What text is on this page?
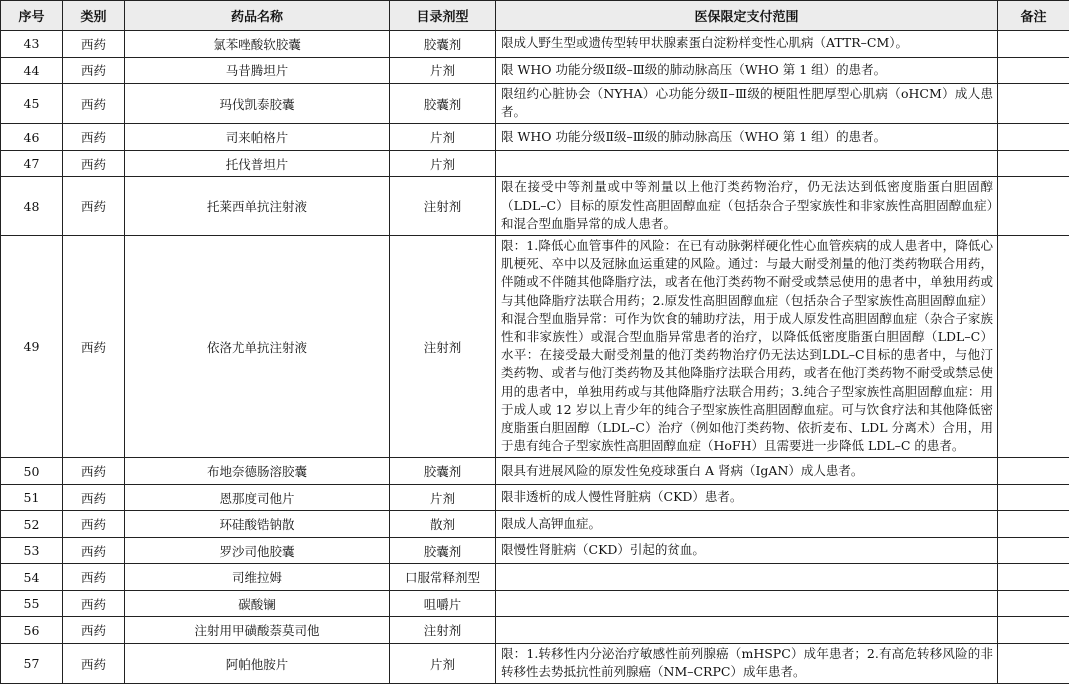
序号	类别	药品名称	目录剂型	医保限定支付范围	备注
43	西药	氯苯唑酸软胶囊	胶囊剂	限成人野生型或遗传型转甲状腺素蛋白淀粉样变性心肌病（ATTR–CM）。	
44	西药	马昔腾坦片	片剂	限 WHO 功能分级Ⅱ级–Ⅲ级的肺动脉高压（WHO 第 1 组）的患者。	
45	西药	玛伐凯泰胶囊	胶囊剂	限纽约心脏协会（NYHA）心功能分级Ⅱ–Ⅲ级的梗阻性肥厚型心肌病（oHCM）成人患者。	
46	西药	司来帕格片	片剂	限 WHO 功能分级Ⅱ级–Ⅲ级的肺动脉高压（WHO 第 1 组）的患者。	
47	西药	托伐普坦片	片剂		
48	西药	托莱西单抗注射液	注射剂	限在接受中等剂量或中等剂量以上他汀类药物治疗，仍无法达到低密度脂蛋白胆固醇（LDL–C）目标的原发性高胆固醇血症（包括杂合子型家族性和非家族性高胆固醇血症）和混合型血脂异常的成人患者。	
49	西药	依洛尤单抗注射液	注射剂	限：1.降低心血管事件的风险：在已有动脉粥样硬化性心血管疾病的成人患者中，降低心肌梗死、卒中以及冠脉血运重建的风险。通过：与最大耐受剂量的他汀类药物联合用药，伴随或不伴随其他降脂疗法，或者在他汀类药物不耐受或禁忌使用的患者中，单独用药或与其他降脂疗法联合用药；2.原发性高胆固醇血症（包括杂合子型家族性高胆固醇血症）和混合型血脂异常：可作为饮食的辅助疗法，用于成人原发性高胆固醇血症（杂合子家族性和非家族性）或混合型血脂异常患者的治疗，以降低低密度脂蛋白胆固醇（LDL–C）水平：在接受最大耐受剂量的他汀类药物治疗仍无法达到LDL–C目标的患者中，与他汀类药物、或者与他汀类药物及其他降脂疗法联合用药，或者在他汀类药物不耐受或禁忌使用的患者中，单独用药或与其他降脂疗法联合用药；3.纯合子型家族性高胆固醇血症：用于成人或 12 岁以上青少年的纯合子型家族性高胆固醇血症。可与饮食疗法和其他降低密度脂蛋白胆固醇（LDL–C）治疗（例如他汀类药物、依折麦布、LDL 分离术）合用，用于患有纯合子型家族性高胆固醇血症（HoFH）且需要进一步降低 LDL–C 的患者。	
50	西药	布地奈德肠溶胶囊	胶囊剂	限具有进展风险的原发性免疫球蛋白 A 肾病（IgAN）成人患者。	
51	西药	恩那度司他片	片剂	限非透析的成人慢性肾脏病（CKD）患者。	
52	西药	环硅酸锆钠散	散剂	限成人高钾血症。	
53	西药	罗沙司他胶囊	胶囊剂	限慢性肾脏病（CKD）引起的贫血。	
54	西药	司维拉姆	口服常释剂型		
55	西药	碳酸镧	咀嚼片		
56	西药	注射用甲磺酸萘莫司他	注射剂		
57	西药	阿帕他胺片	片剂	限：1.转移性内分泌治疗敏感性前列腺癌（mHSPC）成年患者；2.有高危转移风险的非转移性去势抵抗性前列腺癌（NM–CRPC）成年患者。	
